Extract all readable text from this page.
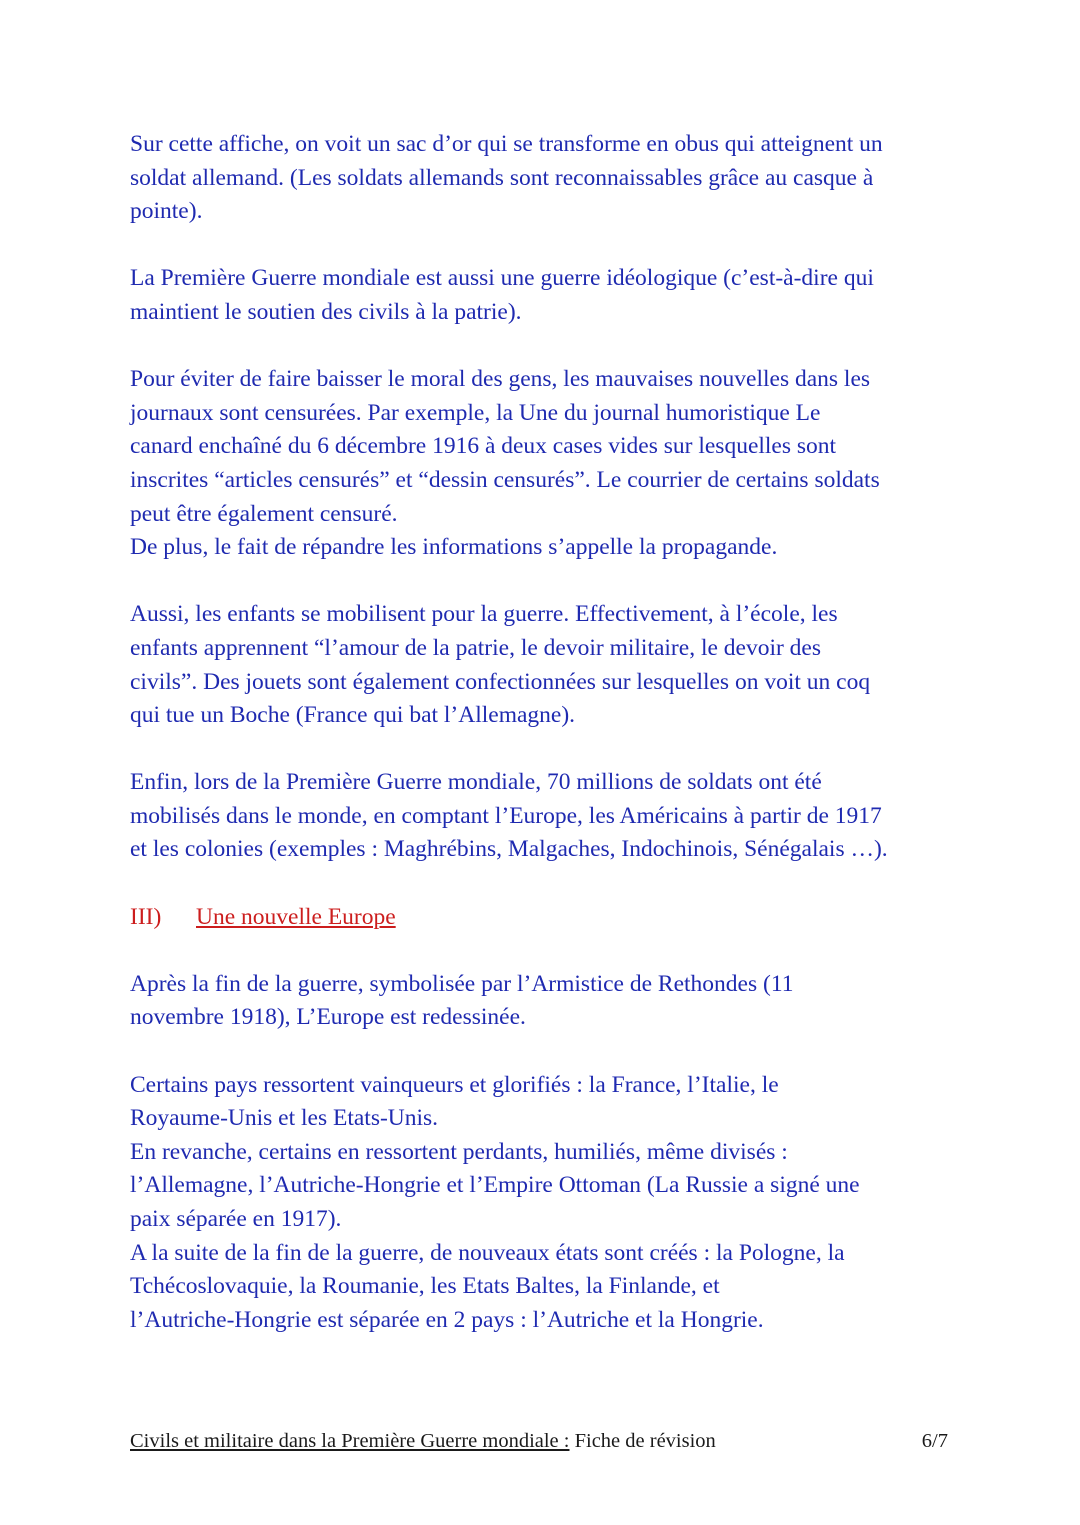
Sur cette affiche, on voit un sac d’or qui se transforme en obus qui atteignent un
soldat allemand. (Les soldats allemands sont reconnaissables grâce au casque à
pointe).

La Première Guerre mondiale est aussi une guerre idéologique (c’est-à-dire qui
maintient le soutien des civils à la patrie).

Pour éviter de faire baisser le moral des gens, les mauvaises nouvelles dans les
journaux sont censurées. Par exemple, la Une du journal humoristique Le
canard enchaîné du 6 décembre 1916 à deux cases vides sur lesquelles sont
inscrites “articles censurés” et “dessin censurés”. Le courrier de certains soldats
peut être également censuré.
De plus, le fait de répandre les informations s’appelle la propagande.

Aussi, les enfants se mobilisent pour la guerre. Effectivement, à l’école, les
enfants apprennent “l’amour de la patrie, le devoir militaire, le devoir des
civils”. Des jouets sont également confectionnées sur lesquelles on voit un coq
qui tue un Boche (France qui bat l’Allemagne).

Enfin, lors de la Première Guerre mondiale, 70 millions de soldats ont été
mobilisés dans le monde, en comptant l’Europe, les Américains à partir de 1917
et les colonies (exemples : Maghrébins, Malgaches, Indochinois, Sénégalais …).

III) Une nouvelle Europe

Après la fin de la guerre, symbolisée par l’Armistice de Rethondes (11
novembre 1918), L’Europe est redessinée.

Certains pays ressortent vainqueurs et glorifiés : la France, l’Italie, le
Royaume-Unis et les Etats-Unis.
En revanche, certains en ressortent perdants, humiliés, même divisés :
l’Allemagne, l’Autriche-Hongrie et l’Empire Ottoman (La Russie a signé une
paix séparée en 1917).
A la suite de la fin de la guerre, de nouveaux états sont créés : la Pologne, la
Tchécoslovaquie, la Roumanie, les Etats Baltes, la Finlande, et
l’Autriche-Hongrie est séparée en 2 pays : l’Autriche et la Hongrie.

Civils et militaire dans la Première Guerre mondiale : Fiche de révision	6/7
